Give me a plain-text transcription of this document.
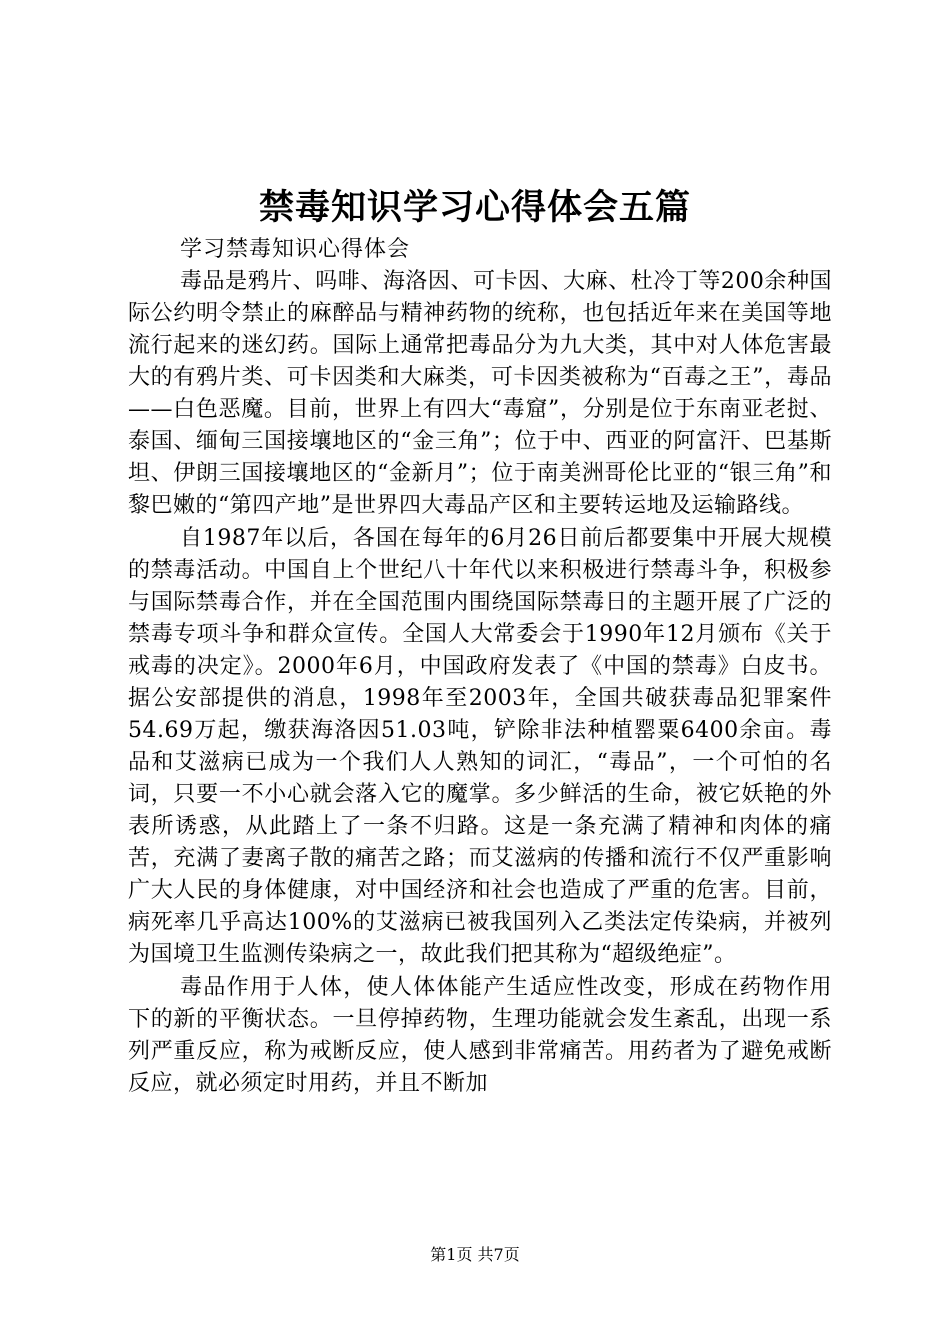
禁毒知识学习心得体会五篇

学习禁毒知识心得体会

毒品是鸦片、吗啡、海洛因、可卡因、大麻、杜冷丁等200余种国际公约明令禁止的麻醉品与精神药物的统称，也包括近年来在美国等地流行起来的迷幻药。国际上通常把毒品分为九大类，其中对人体危害最大的有鸦片类、可卡因类和大麻类，可卡因类被称为“百毒之王”，毒品——白色恶魔。目前，世界上有四大“毒窟”，分别是位于东南亚老挝、泰国、缅甸三国接壤地区的“金三角”；位于中、西亚的阿富汗、巴基斯坦、伊朗三国接壤地区的“金新月”；位于南美洲哥伦比亚的“银三角”和黎巴嫩的“第四产地”是世界四大毒品产区和主要转运地及运输路线。

自1987年以后，各国在每年的6月26日前后都要集中开展大规模的禁毒活动。中国自上个世纪八十年代以来积极进行禁毒斗争，积极参与国际禁毒合作，并在全国范围内围绕国际禁毒日的主题开展了广泛的禁毒专项斗争和群众宣传。全国人大常委会于1990年12月颁布《关于戒毒的决定》。2000年6月，中国政府发表了《中国的禁毒》白皮书。据公安部提供的消息，1998年至2003年，全国共破获毒品犯罪案件54.69万起，缴获海洛因51.03吨，铲除非法种植罂粟6400余亩。毒品和艾滋病已成为一个我们人人熟知的词汇，“毒品”，一个可怕的名词，只要一不小心就会落入它的魔掌。多少鲜活的生命，被它妖艳的外表所诱惑，从此踏上了一条不归路。这是一条充满了精神和肉体的痛苦，充满了妻离子散的痛苦之路；而艾滋病的传播和流行不仅严重影响广大人民的身体健康，对中国经济和社会也造成了严重的危害。目前，病死率几乎高达100%的艾滋病已被我国列入乙类法定传染病，并被列为国境卫生监测传染病之一，故此我们把其称为“超级绝症”。

毒品作用于人体，使人体体能产生适应性改变，形成在药物作用下的新的平衡状态。一旦停掉药物，生理功能就会发生紊乱，出现一系列严重反应，称为戒断反应，使人感到非常痛苦。用药者为了避免戒断反应，就必须定时用药，并且不断加

第1页 共7页
